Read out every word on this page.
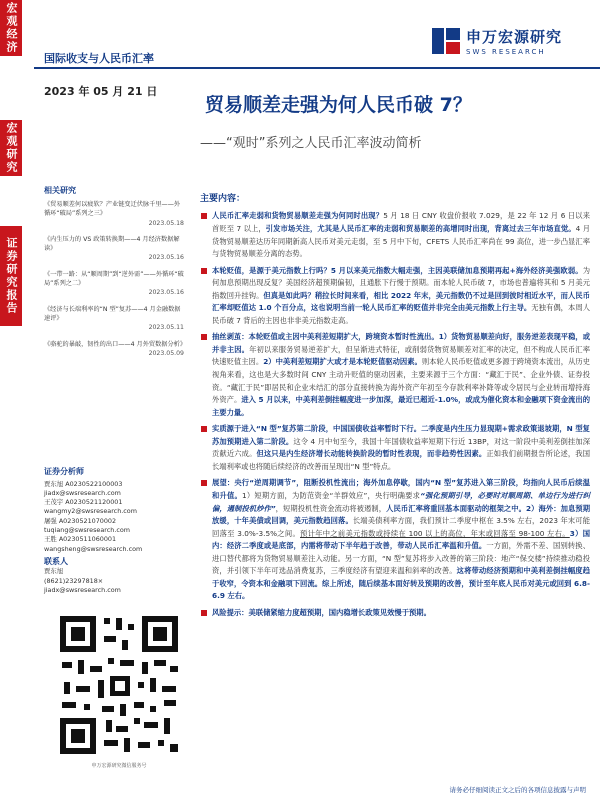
宏观经济
宏观研究
证券研究报告
申万宏源研究
SWS RESEARCH
国际收支与人民币汇率
2023 年 05 月 21 日
贸易顺差走强为何人民币破 7？
——“观时”系列之人民币汇率波动简析
相关研究
《贸易顺差何以疲软？产业链变迁伏脉千里——外循环“破局”系列之三》
2023.05.18
《内生压力的 VS 政策转换期——4 月经济数据解读》
2023.05.16
《一带一路：从“顺周期”到“逆外需”——外循环“破局”系列之二》
2023.05.16
《经济与长端利率的“N 型”复苏——4 月金融数据速评》
2023.05.11
《骆驼的暴敲，韧性的出口——4 月外贸数据分析》
2023.05.09
证券分析师
贾东旭 A0230522100003
jiadx@swsresearch.com
王茂宇 A0230521120001
wangmy2@swsresearch.com
屠强 A0230521070002
tuqiang@swsresearch.com
王胜 A0230511060001
wangsheng@swsresearch.com
联系人
贾东旭
(8621)23297818×
jiadx@swsresearch.com
申万宏源研究微信服务号
主要内容：
人民币汇率走弱和货物贸易顺差走强为何同时出现？5 月 18 日 CNY 收盘价报收 7.029，是 22 年 12 月 6 日以来首贬至 7 以上，引发市场关注，尤其是人民币汇率的走弱和贸易顺差的高增同时出现，背离过去三年市场直觉。4 月货物贸易顺差达历年同期新高人民币对美元走弱，至 5 月中下旬，CFETS 人民币汇率尚在 99 高位，进一步凸显汇率与货物贸易顺差分离的态势。
本轮贬值，是源于美元指数上行吗？5 月以来美元指数大幅走强，主因美联储加息预期再起+海外经济美强欧弱。为何加息预期出现反复？美国经济超预期偏韧，且通胀下行慢于预期。而本轮人民币破 7，市场也普遍将其和 5 月美元指数回升挂钩。但真是如此吗？稍拉长时间来看，相比 2022 年末，美元指数仍不过是回到彼时相近水平，而人民币汇率却贬值达 1.0 个百分点，这也说明当前一轮人民币汇率的贬值并非完全由美元指数上行主导。无独有偶，本周人民币破 7 背后的主因也非非美元指数走高。
抽丝剥茧：本轮贬值或主因中美利差短期扩大，跨境资本暂时性流出。1）货物贸易顺差向好，服务逆差表现平稳，或并非主因。年初以来服务贸易逆差扩大，但呈渐进式特征，或削弱货物贸易顺差对汇率的决定，但不构成人民币汇率快速贬值主因。2）中美利差短期扩大或才是本轮贬值驱动因素。则本轮人民币贬值或更多源于跨境资本流出，从历史视角来看，这也是大多数时间 CNY 主动升贬值的驱动因素，主要来源于三个方面：“藏汇于民”、企业外债、证券投资。“藏汇于民”即居民和企业未结汇的部分直接转换为海外资产年初至今存款利率补降等或令居民与企业转而增持海外资产。进入 5 月以来，中美利差倒挂幅度进一步加深，最近已超近-1.0%，或成为催化资本和金融项下资金流出的主要力量。
实质源于进入“N 型”复苏第二阶段，中国国债收益率暂时下行。二季度是内生压力显现期+需求政策退坡期，N 型复苏加预期进入第二阶段。这令 4 月中旬至今，我国十年国债收益率短期下行近 13BP，对这一阶段中美利差倒挂加深贡献近六成。但这只是内生经济增长动能转换阶段的暂时性表现，而非趋势性因素。正如我们前期报告所论述，我国长端利率或也将随后续经济的改善而呈现出“N 型”特点。
展望：央行“逆周期调节”，阻断投机性流出；海外加息停歇，国内“N 型”复苏进入第三阶段，均指向人民币后续温和升值。1）短期方面，为防范资金“羊群效应”，央行明确要求“强化预期引导，必要时对顺周期、单边行为进行纠偏，遏制投机炒作”，短期投机性资金流动将被遏制，人民币汇率将重回基本面驱动的框架之中。2）海外：加息预期放缓，十年美债或回调，美元指数趋回落。长端美债利率方面，我们预计二季度中枢在 3.5% 左右，2023 年末可能回落至 3.0%-3.5%之间。预计年中之前美元指数或持续在 100 以上的高位，年末或回落至 98-100 左右。3）国内：经济二季度或是底部，内需将带动下半年趋于改善，带动人民币汇率温和升值。一方面，外需不差、国别转换、进口替代都将为货物贸易顺差注入动能。另一方面，“N 型”复苏将步入改善的第三阶段：地产“保交楼”持续推动稳投资，并引领下半年可选品消费复苏，三季度经济有望迎来温和斜率的改善。这将带动经济预期和中美利差倒挂幅度趋于收窄，令资本和金融项下回流。综上所述，随后续基本面好转及预期的改善，预计至年底人民币对美元或回到 6.8-6.9 左右。
风险提示：美联储紧缩力度超预期，国内稳增长政策见效慢于预期。
请务必仔细阅读正文之后的各项信息披露与声明
